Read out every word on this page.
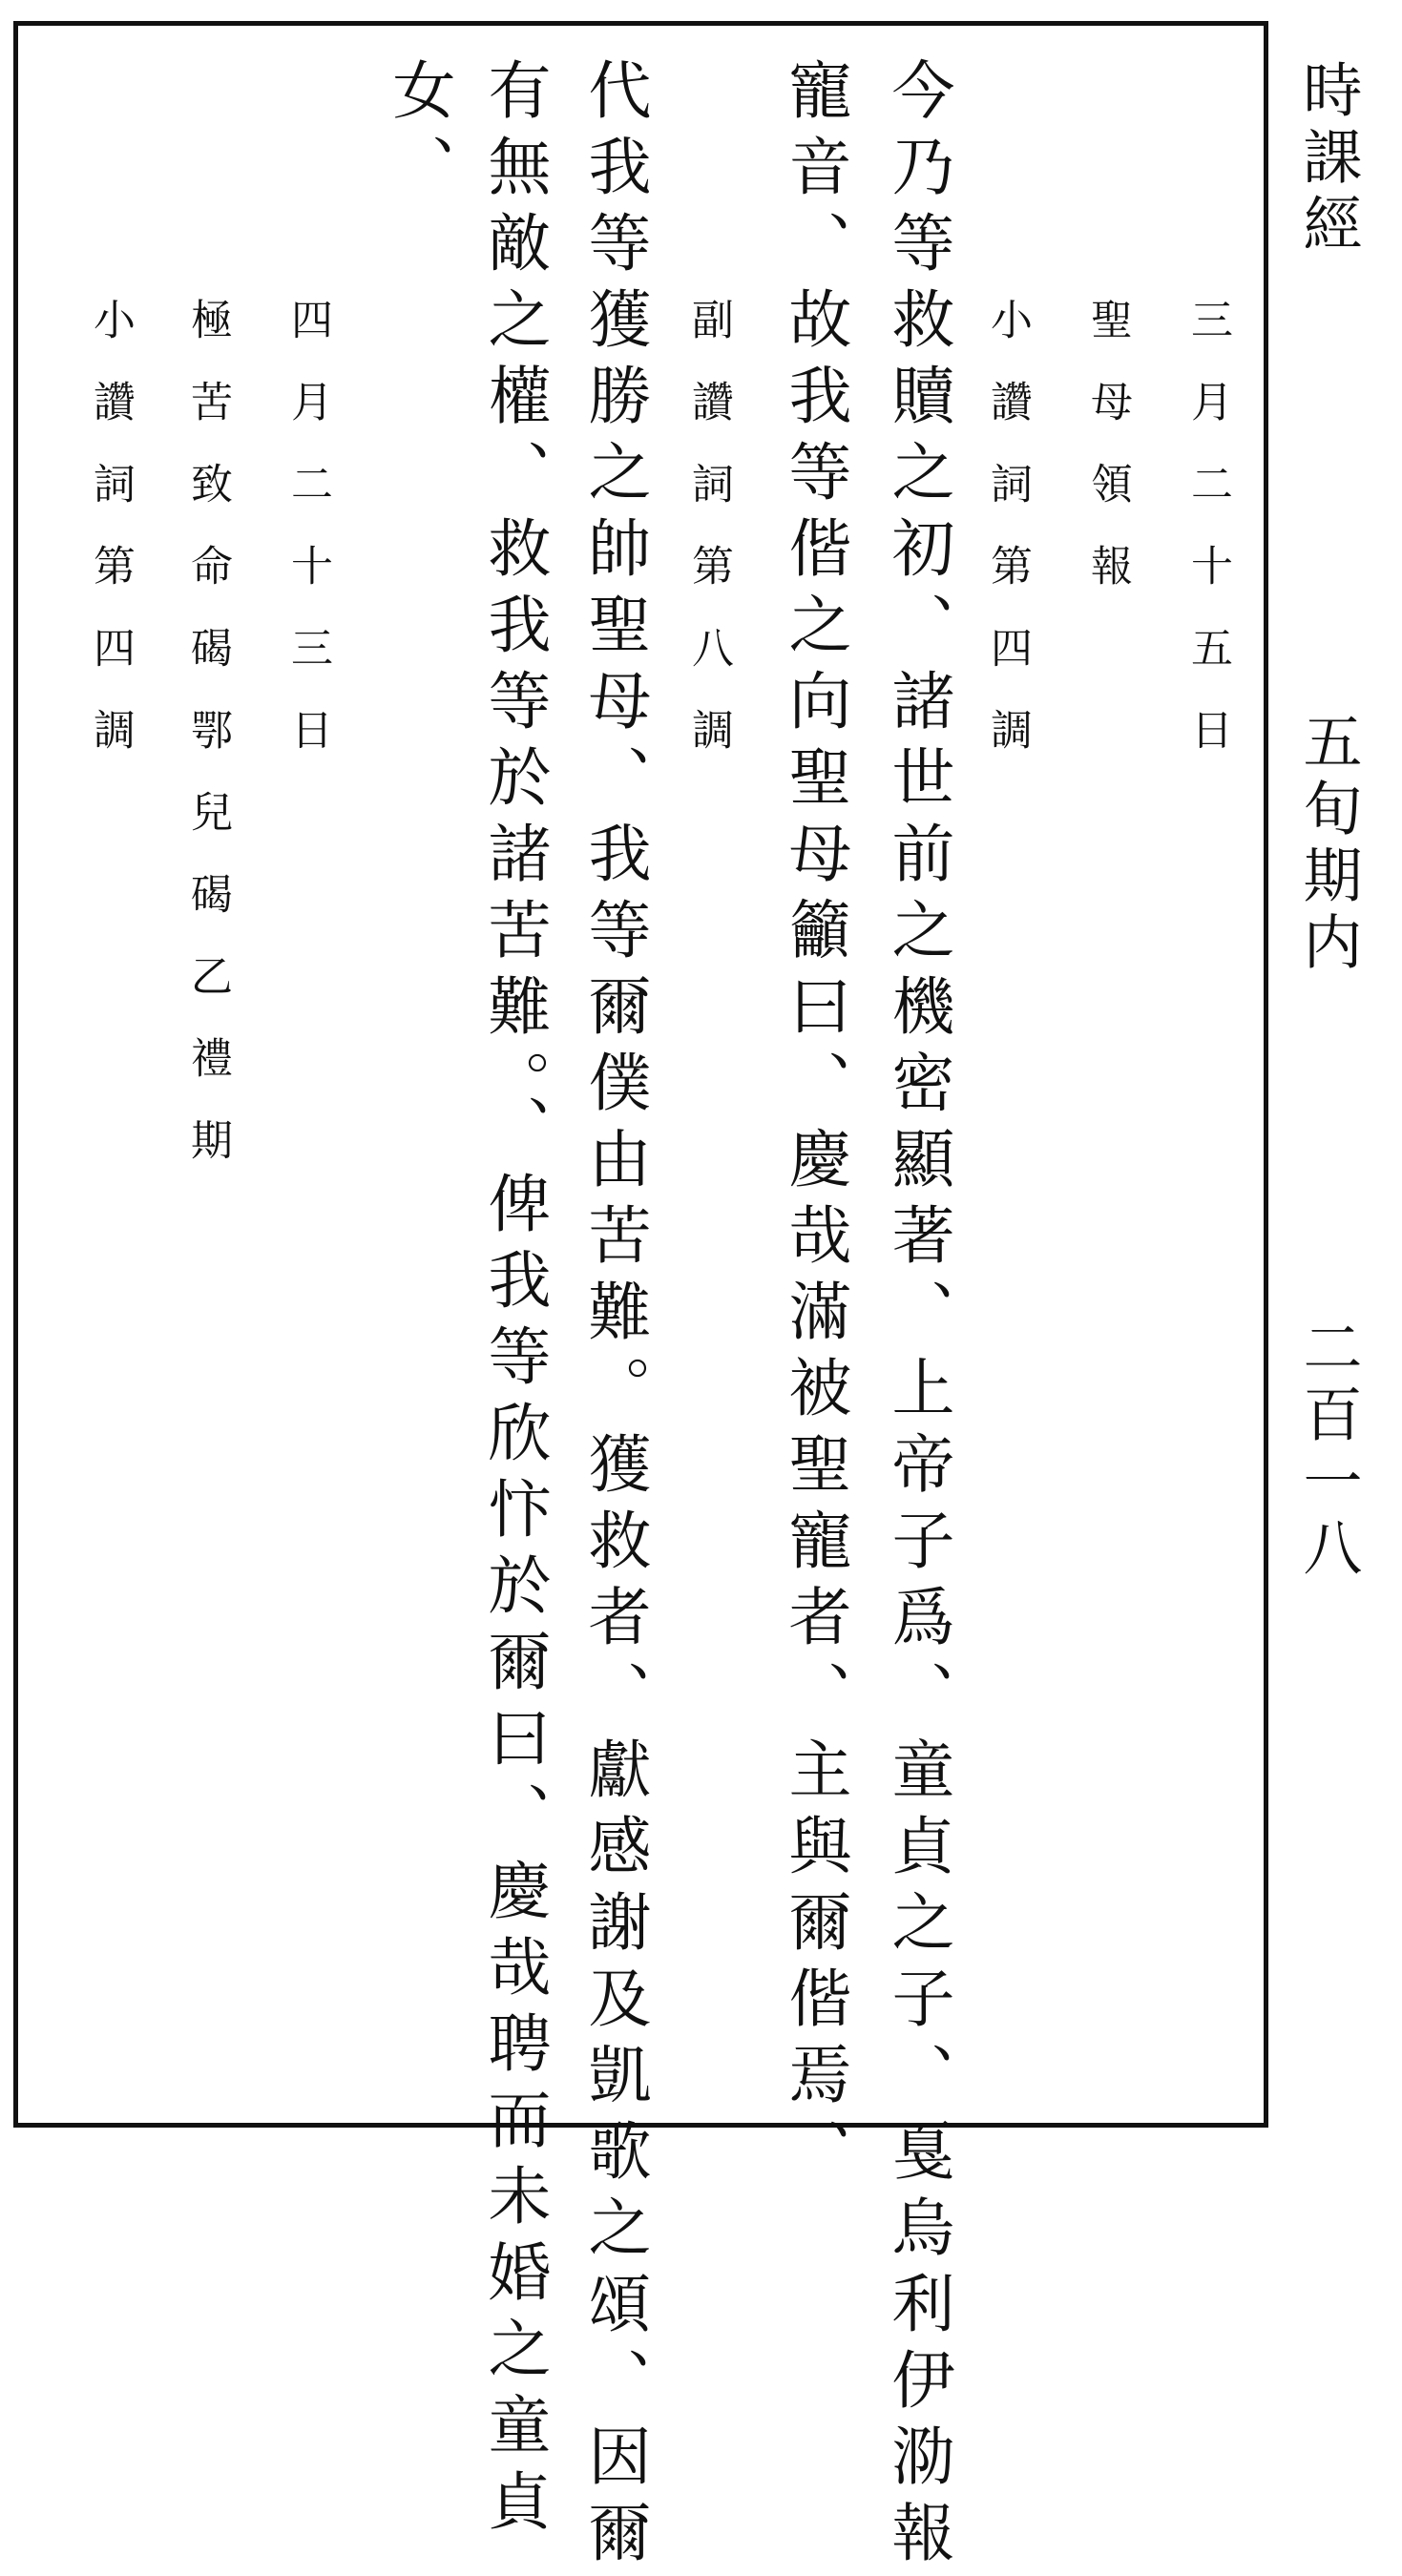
時課經
五旬期内
二百一八
三月二十五日
聖母領報
小讚詞第四調
今乃等救贖之初、諸世前之機密顯著、上帝子爲、童貞之子、戛烏利伊泐報
寵音、故我等偕之向聖母籲曰、慶哉滿被聖寵者、主與爾偕焉、
副讚詞第八調
代我等獲勝之帥聖母、我等爾僕由苦難。獲救者、獻感謝及凱歌之頌、因爾
有無敵之權、救我等於諸苦難。、俾我等欣忭於爾曰、慶哉聘而未婚之童貞
女、
四月二十三日
極苦致命碣鄂兒碣乙禮期
小讚詞第四調
